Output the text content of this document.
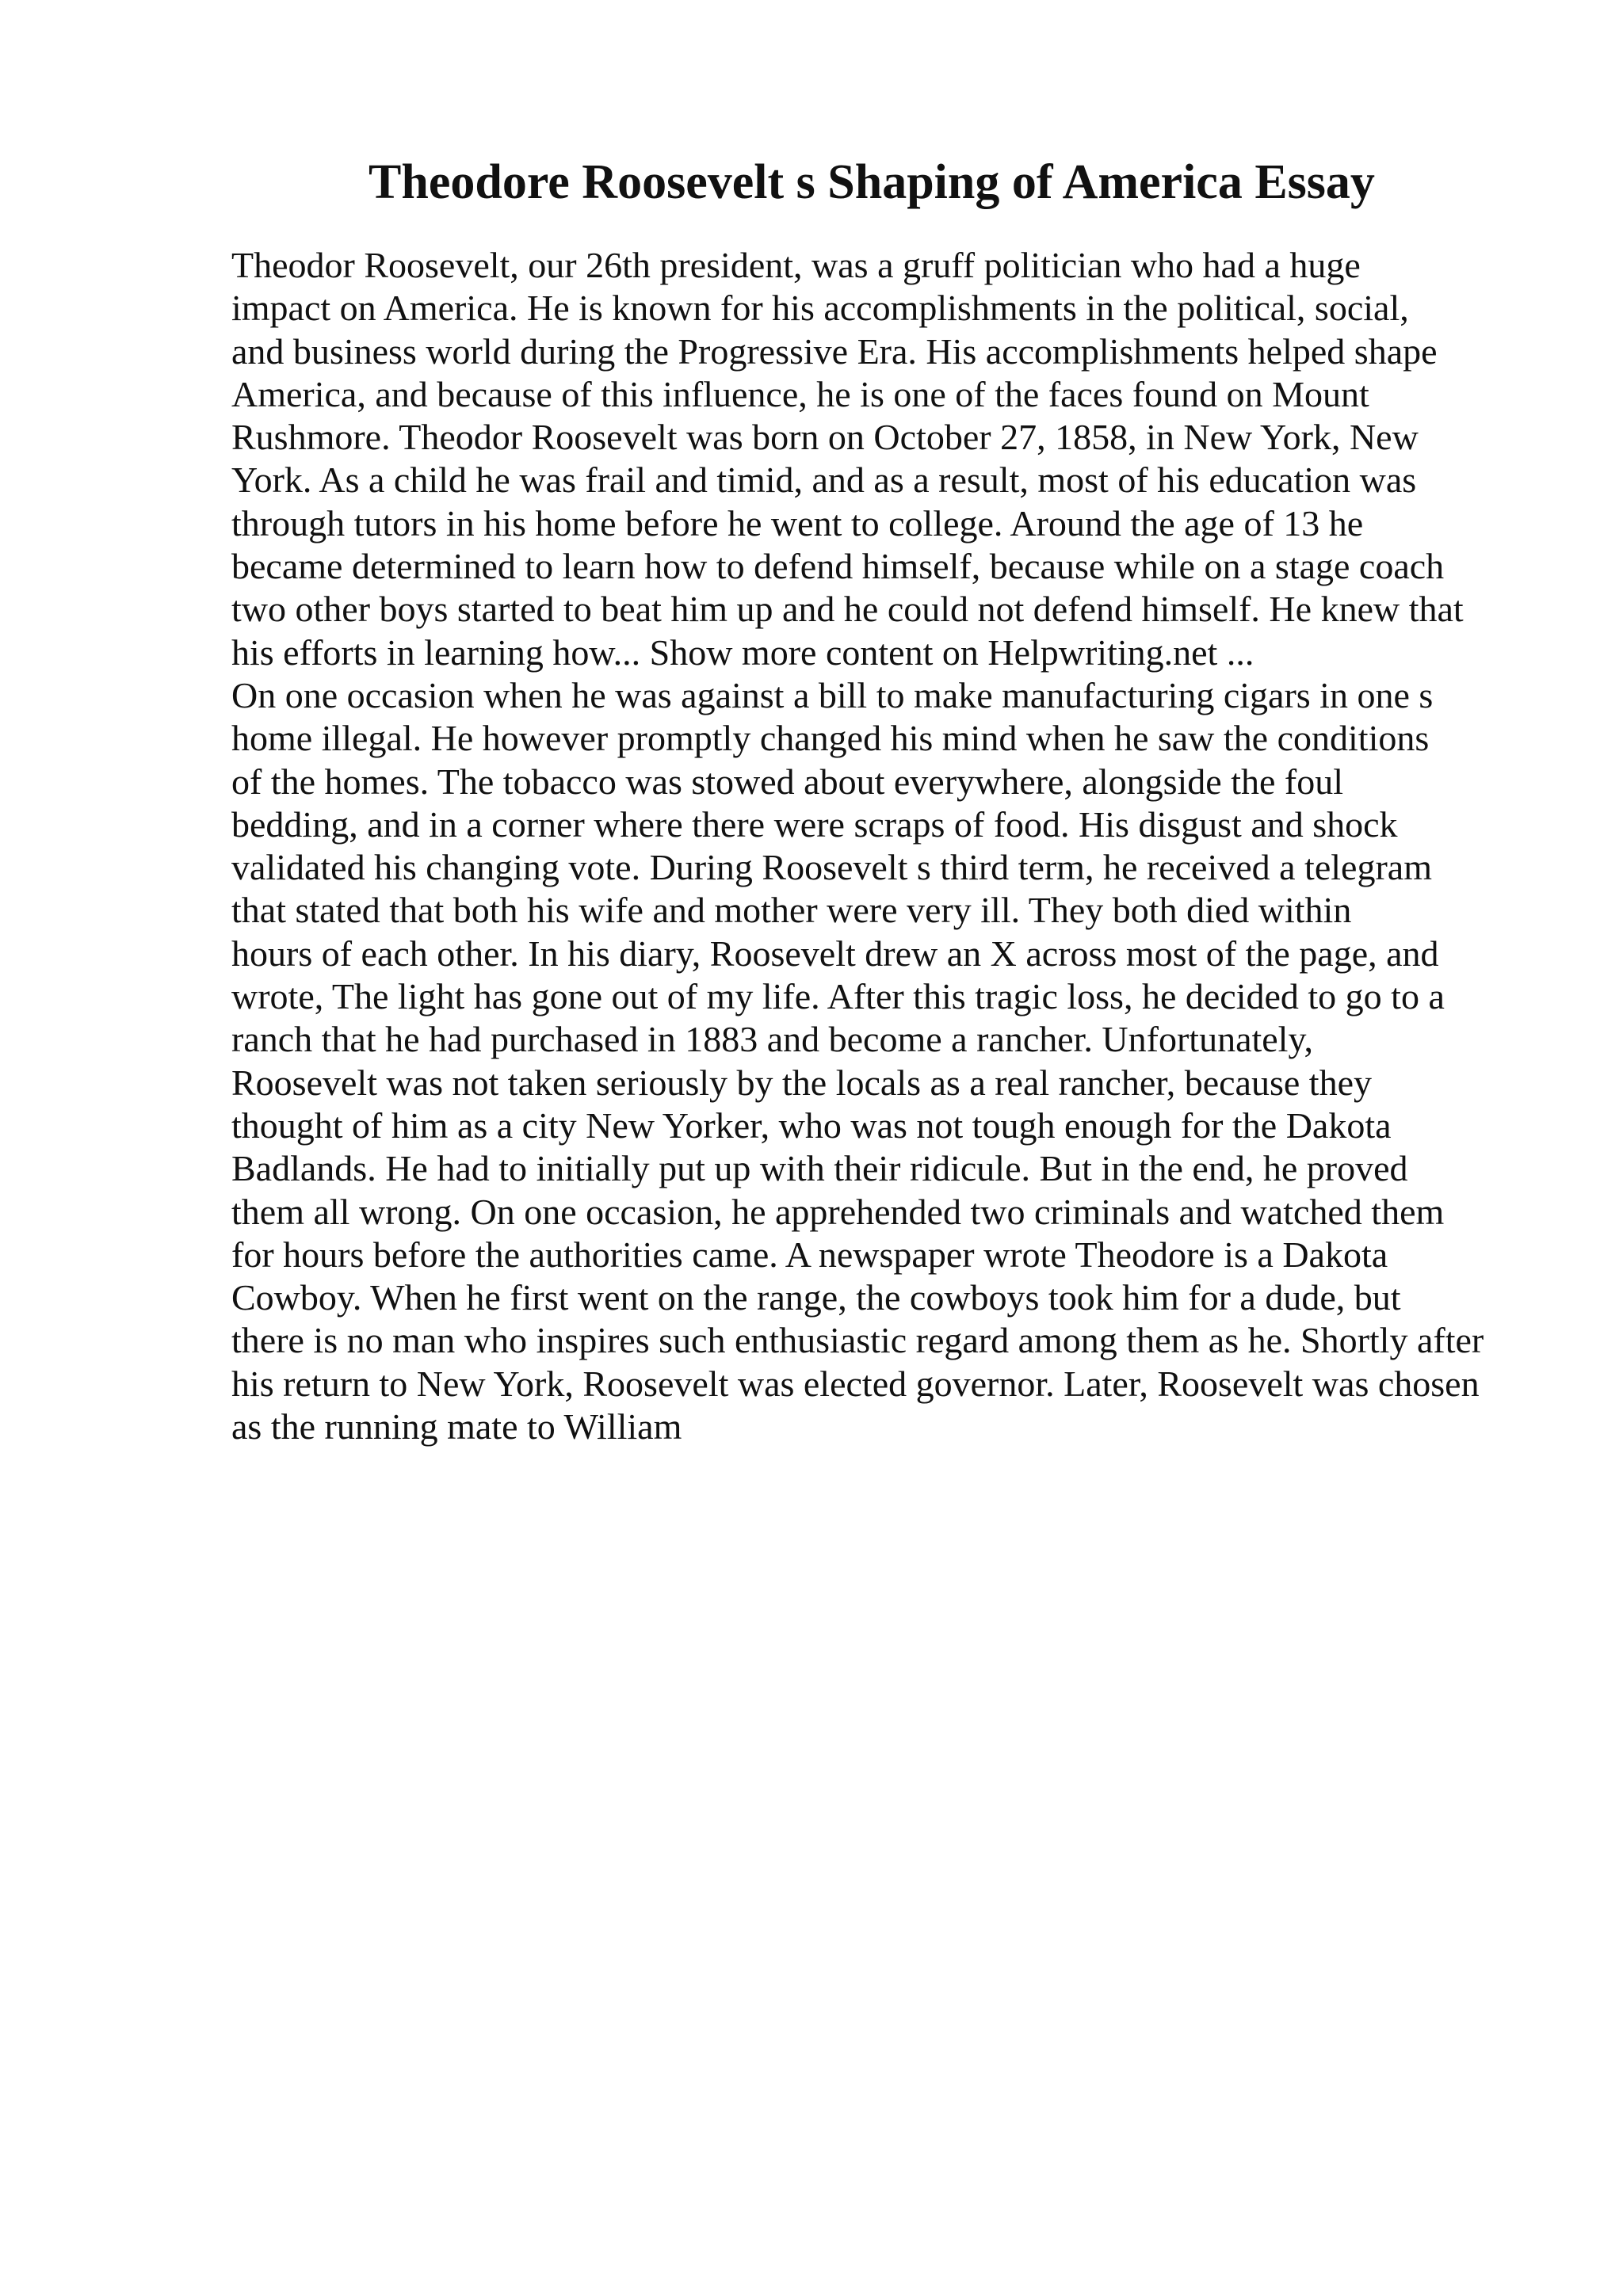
Theodore Roosevelt s Shaping of America Essay

Theodor Roosevelt, our 26th president, was a gruff politician who had a huge

impact on America. He is known for his accomplishments in the political, social,

and business world during the Progressive Era. His accomplishments helped shape

America, and because of this influence, he is one of the faces found on Mount

Rushmore. Theodor Roosevelt was born on October 27, 1858, in New York, New

York. As a child he was frail and timid, and as a result, most of his education was

through tutors in his home before he went to college. Around the age of 13 he

became determined to learn how to defend himself, because while on a stage coach

two other boys started to beat him up and he could not defend himself. He knew that

his efforts in learning how... Show more content on Helpwriting.net ...

On one occasion when he was against a bill to make manufacturing cigars in one s

home illegal. He however promptly changed his mind when he saw the conditions

of the homes. The tobacco was stowed about everywhere, alongside the foul

bedding, and in a corner where there were scraps of food. His disgust and shock

validated his changing vote. During Roosevelt s third term, he received a telegram

that stated that both his wife and mother were very ill. They both died within

hours of each other. In his diary, Roosevelt drew an X across most of the page, and

wrote, The light has gone out of my life. After this tragic loss, he decided to go to a

ranch that he had purchased in 1883 and become a rancher. Unfortunately,

Roosevelt was not taken seriously by the locals as a real rancher, because they

thought of him as a city New Yorker, who was not tough enough for the Dakota

Badlands. He had to initially put up with their ridicule. But in the end, he proved

them all wrong. On one occasion, he apprehended two criminals and watched them

for hours before the authorities came. A newspaper wrote Theodore is a Dakota

Cowboy. When he first went on the range, the cowboys took him for a dude, but

there is no man who inspires such enthusiastic regard among them as he. Shortly after

his return to New York, Roosevelt was elected governor. Later, Roosevelt was chosen

as the running mate to William
